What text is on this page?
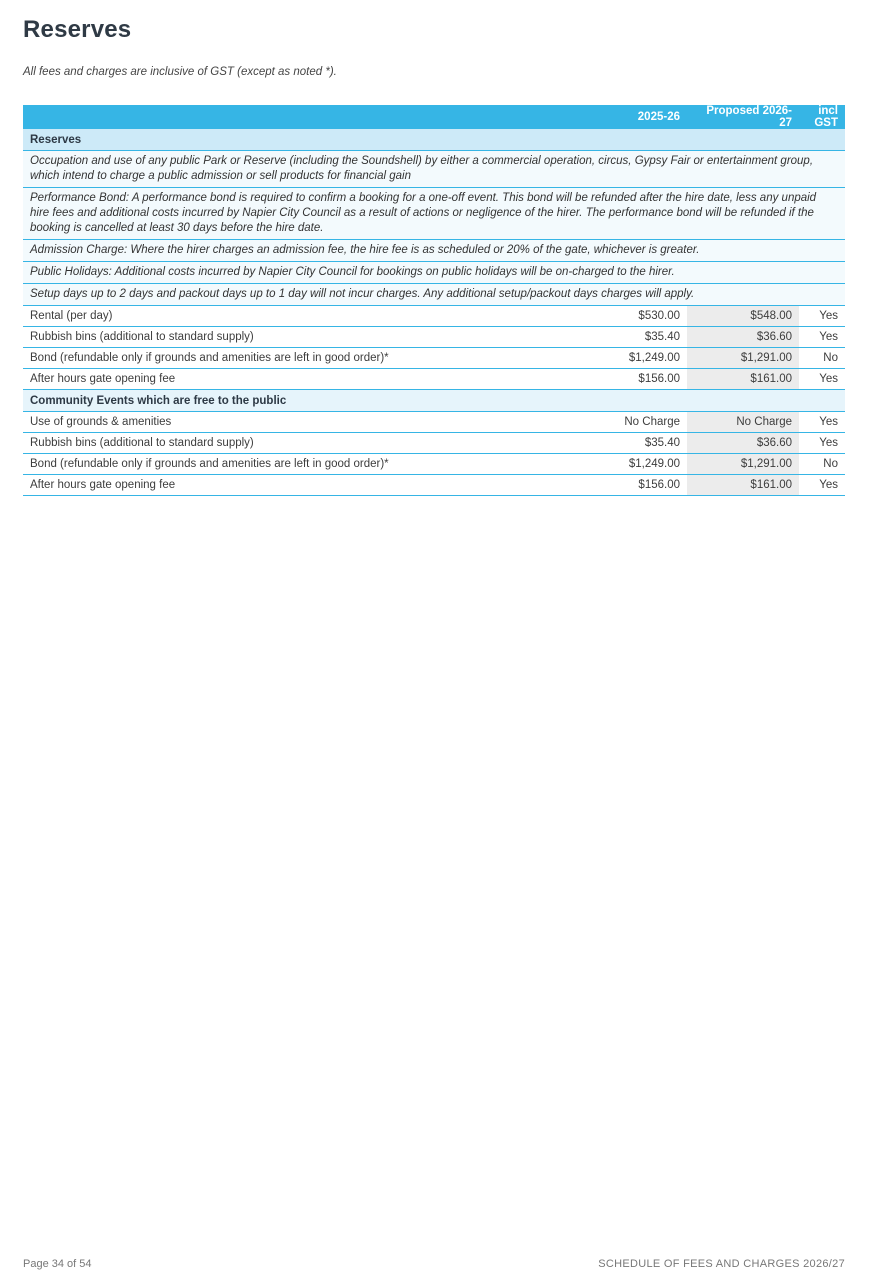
Reserves
All fees and charges are inclusive of GST (except as noted *).
	2025-26	Proposed 2026-27	incl GST
Reserves			
Occupation and use of any public Park or Reserve (including the Soundshell) by either a commercial operation, circus, Gypsy Fair or entertainment group, which intend to charge a public admission or sell products for financial gain			
Performance Bond: A performance bond is required to confirm a booking for a one-off event. This bond will be refunded after the hire date, less any unpaid hire fees and additional costs incurred by Napier City Council as a result of actions or negligence of the hirer. The performance bond will be refunded if the booking is cancelled at least 30 days before the hire date.			
Admission Charge: Where the hirer charges an admission fee, the hire fee is as scheduled or 20% of the gate, whichever is greater.			
Public Holidays: Additional costs incurred by Napier City Council for bookings on public holidays will be on-charged to the hirer.			
Setup days up to 2 days and packout days up to 1 day will not incur charges. Any additional setup/packout days charges will apply.			
Rental (per day)	$530.00	$548.00	Yes
Rubbish bins (additional to standard supply)	$35.40	$36.60	Yes
Bond (refundable only if grounds and amenities are left in good order)*	$1,249.00	$1,291.00	No
After hours gate opening fee	$156.00	$161.00	Yes
Community Events which are free to the public			
Use of grounds & amenities	No Charge	No Charge	Yes
Rubbish bins (additional to standard supply)	$35.40	$36.60	Yes
Bond (refundable only if grounds and amenities are left in good order)*	$1,249.00	$1,291.00	No
After hours gate opening fee	$156.00	$161.00	Yes
Page 34 of 54	SCHEDULE OF FEES AND CHARGES 2026/27
